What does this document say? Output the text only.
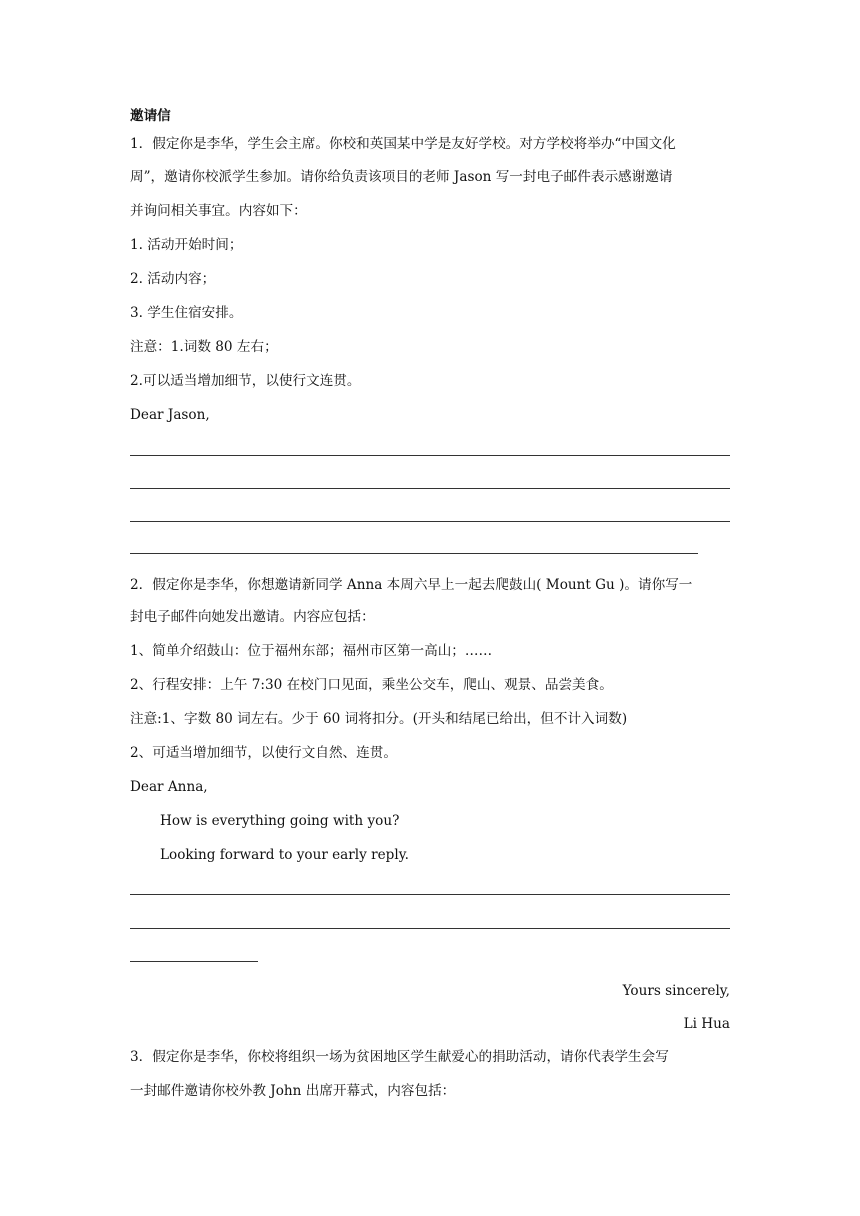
邀请信
1．假定你是李华，学生会主席。你校和英国某中学是友好学校。对方学校将举办“中国文化
周”，邀请你校派学生参加。请你给负责该项目的老师 Jason 写一封电子邮件表示感谢邀请
并询问相关事宜。内容如下：
1. 活动开始时间；
2. 活动内容；
3. 学生住宿安排。
注意：1.词数 80 左右；
2.可以适当增加细节，以使行文连贯。
Dear Jason,
2．假定你是李华，你想邀请新同学 Anna 本周六早上一起去爬鼓山( Mount Gu )。请你写一
封电子邮件向她发出邀请。内容应包括：
1、简单介绍鼓山：位于福州东部；福州市区第一高山；……
2、行程安排：上午 7:30 在校门口见面，乘坐公交车，爬山、观景、品尝美食。
注意:1、字数 80 词左右。少于 60 词将扣分。(开头和结尾已给出，但不计入词数)
2、可适当增加细节，以使行文自然、连贯。
Dear Anna,
How is everything going with you?
Looking forward to your early reply.
Yours sincerely,
Li Hua
3．假定你是李华，你校将组织一场为贫困地区学生献爱心的捐助活动，请你代表学生会写
一封邮件邀请你校外教 John 出席开幕式，内容包括：
